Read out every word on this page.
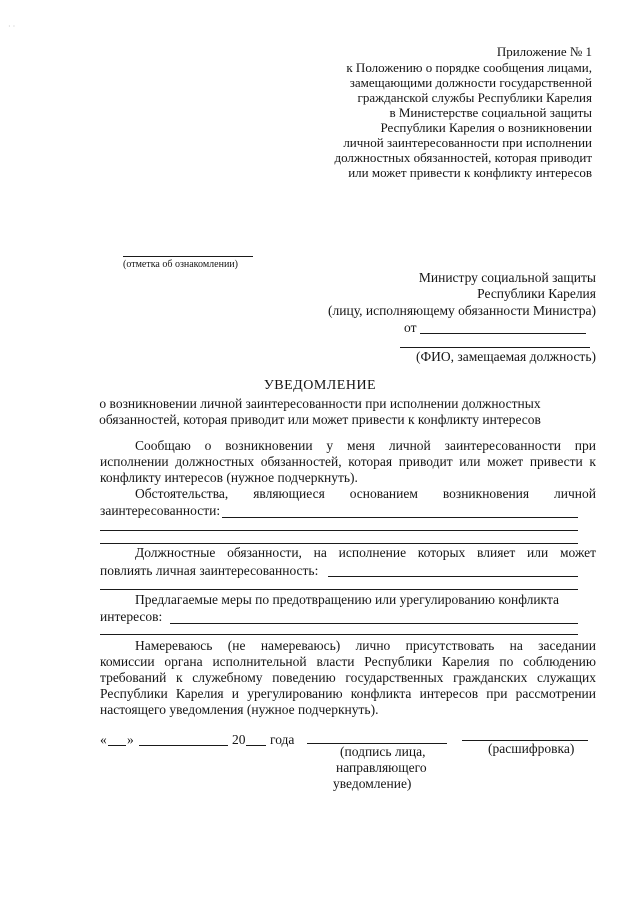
· ·
Приложение № 1
к Положению о порядке сообщения лицами,
замещающими должности государственной
гражданской службы Республики Карелия
в Министерстве социальной защиты
Республики Карелия о возникновении
личной заинтересованности при исполнении
должностных обязанностей, которая приводит
или может привести к конфликту интересов
(отметка об ознакомлении)
Министру социальной защиты
Республики Карелия
(лицу, исполняющему обязанности Министра)
от
(ФИО, замещаемая должность)
УВЕДОМЛЕНИЕ
о возникновении личной заинтересованности при исполнении должностных
обязанностей, которая приводит или может привести к конфликту интересов
Сообщаю о возникновении у меня личной заинтересованности при
исполнении должностных обязанностей, которая приводит или может привести к
конфликту интересов (нужное подчеркнуть).
Обстоятельства, являющиеся основанием возникновения личной
заинтересованности:
Должностные обязанности, на исполнение которых влияет или может
повлиять личная заинтересованность:
Предлагаемые меры по предотвращению или урегулированию конфликта
интересов:
Намереваюсь (не намереваюсь) лично присутствовать на заседании
комиссии органа исполнительной власти Республики Карелия по соблюдению
требований к служебному поведению государственных гражданских служащих
Республики Карелия и урегулированию конфликта интересов при рассмотрении
настоящего уведомления (нужное подчеркнуть).
« »	20 года
(подпись лица,
направляющего
уведомление)
(расшифровка)
